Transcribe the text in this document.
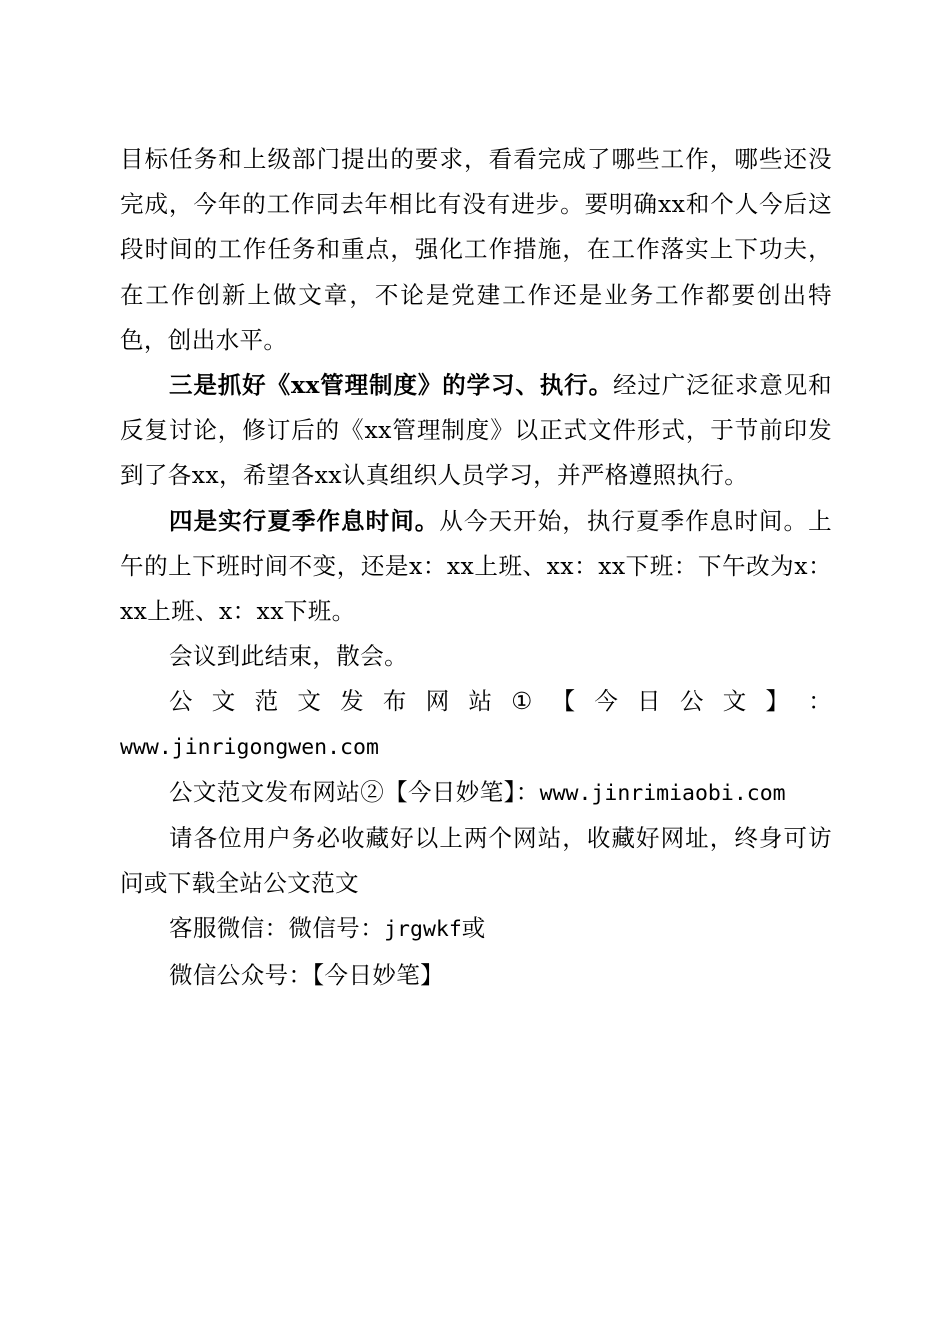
目标任务和上级部门提出的要求，看看完成了哪些工作，哪些还没完成，今年的工作同去年相比有没有进步。要明确xx和个人今后这段时间的工作任务和重点，强化工作措施，在工作落实上下功夫，在工作创新上做文章，不论是党建工作还是业务工作都要创出特色，创出水平。

三是抓好《xx管理制度》的学习、执行。经过广泛征求意见和反复讨论，修订后的《xx管理制度》以正式文件形式，于节前印发到了各xx，希望各xx认真组织人员学习，并严格遵照执行。

四是实行夏季作息时间。从今天开始，执行夏季作息时间。上午的上下班时间不变，还是x：xx上班、xx：xx下班：下午改为x：xx上班、x：xx下班。

会议到此结束，散会。

公 文 范 文 发 布 网 站 ① 【 今 日 公 文 】 ：

www.jinrigongwen.com

公文范文发布网站②【今日妙笔】：www.jinrimiaobi.com

请各位用户务必收藏好以上两个网站，收藏好网址，终身可访问或下载全站公文范文

客服微信：微信号：jrgwkf或

微信公众号：【今日妙笔】
